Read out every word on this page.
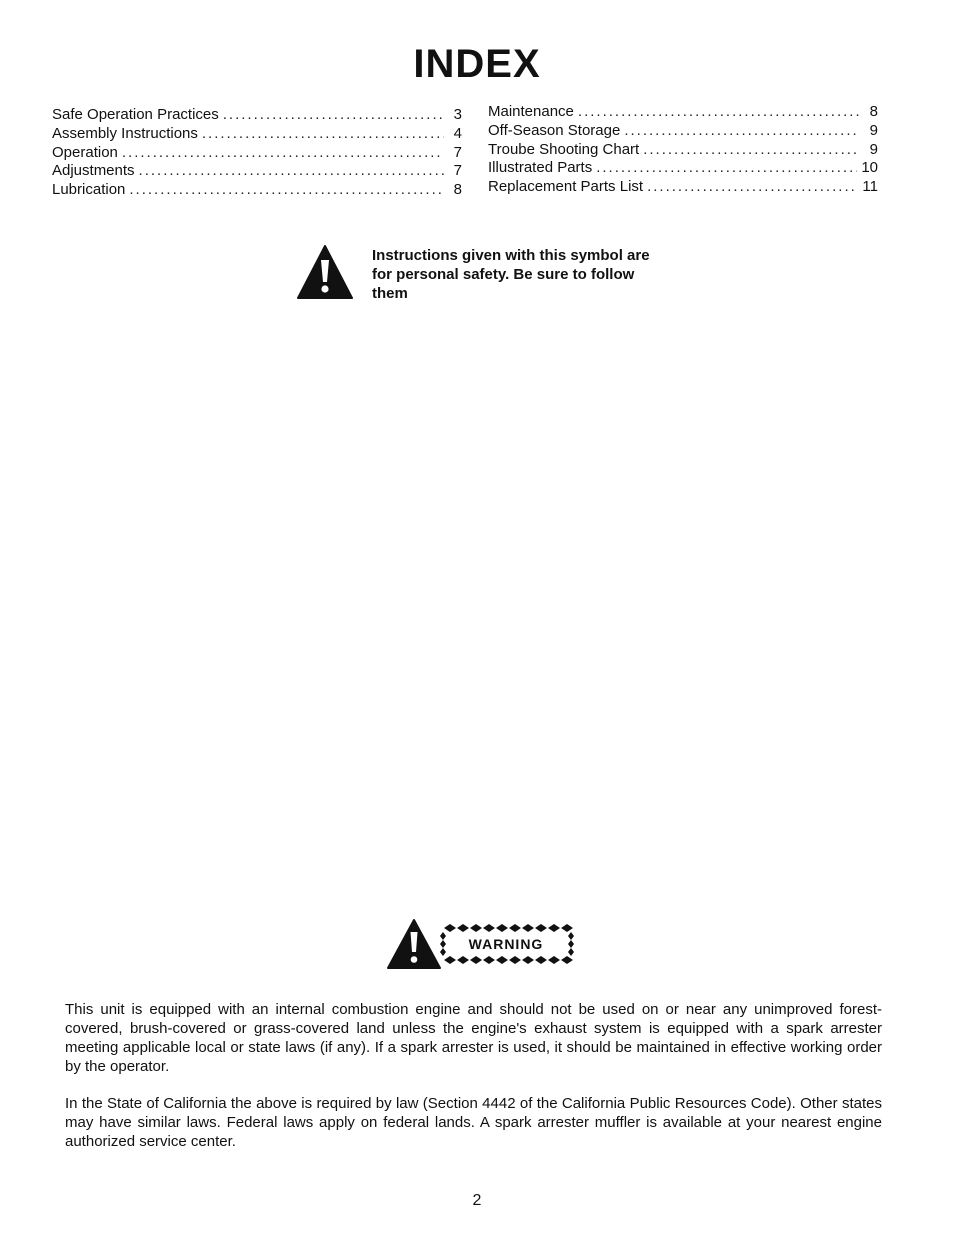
INDEX
Safe Operation Practices .....	3
Assembly Instructions .....	4
Operation .....	7
Adjustments .....	7
Lubrication .....	8
Maintenance .....	8
Off-Season Storage .....	9
Troube Shooting Chart .....	9
Illustrated Parts .....	10
Replacement Parts List .....	11
Instructions given with this symbol are for personal safety. Be sure to follow them
WARNING

This unit is equipped with an internal combustion engine and should not be used on or near any unimproved forest-covered, brush-covered or grass-covered land unless the engine's exhaust system is equipped with a spark arrester meeting applicable local or state laws (if any). If a spark arrester is used, it should be maintained in effective working order by the operator.

In the State of California the above is required by law (Section 4442 of the California Public Resources Code). Other states may have similar laws. Federal laws apply on federal lands. A spark arrester muffler is available at your nearest engine authorized service center.

2
